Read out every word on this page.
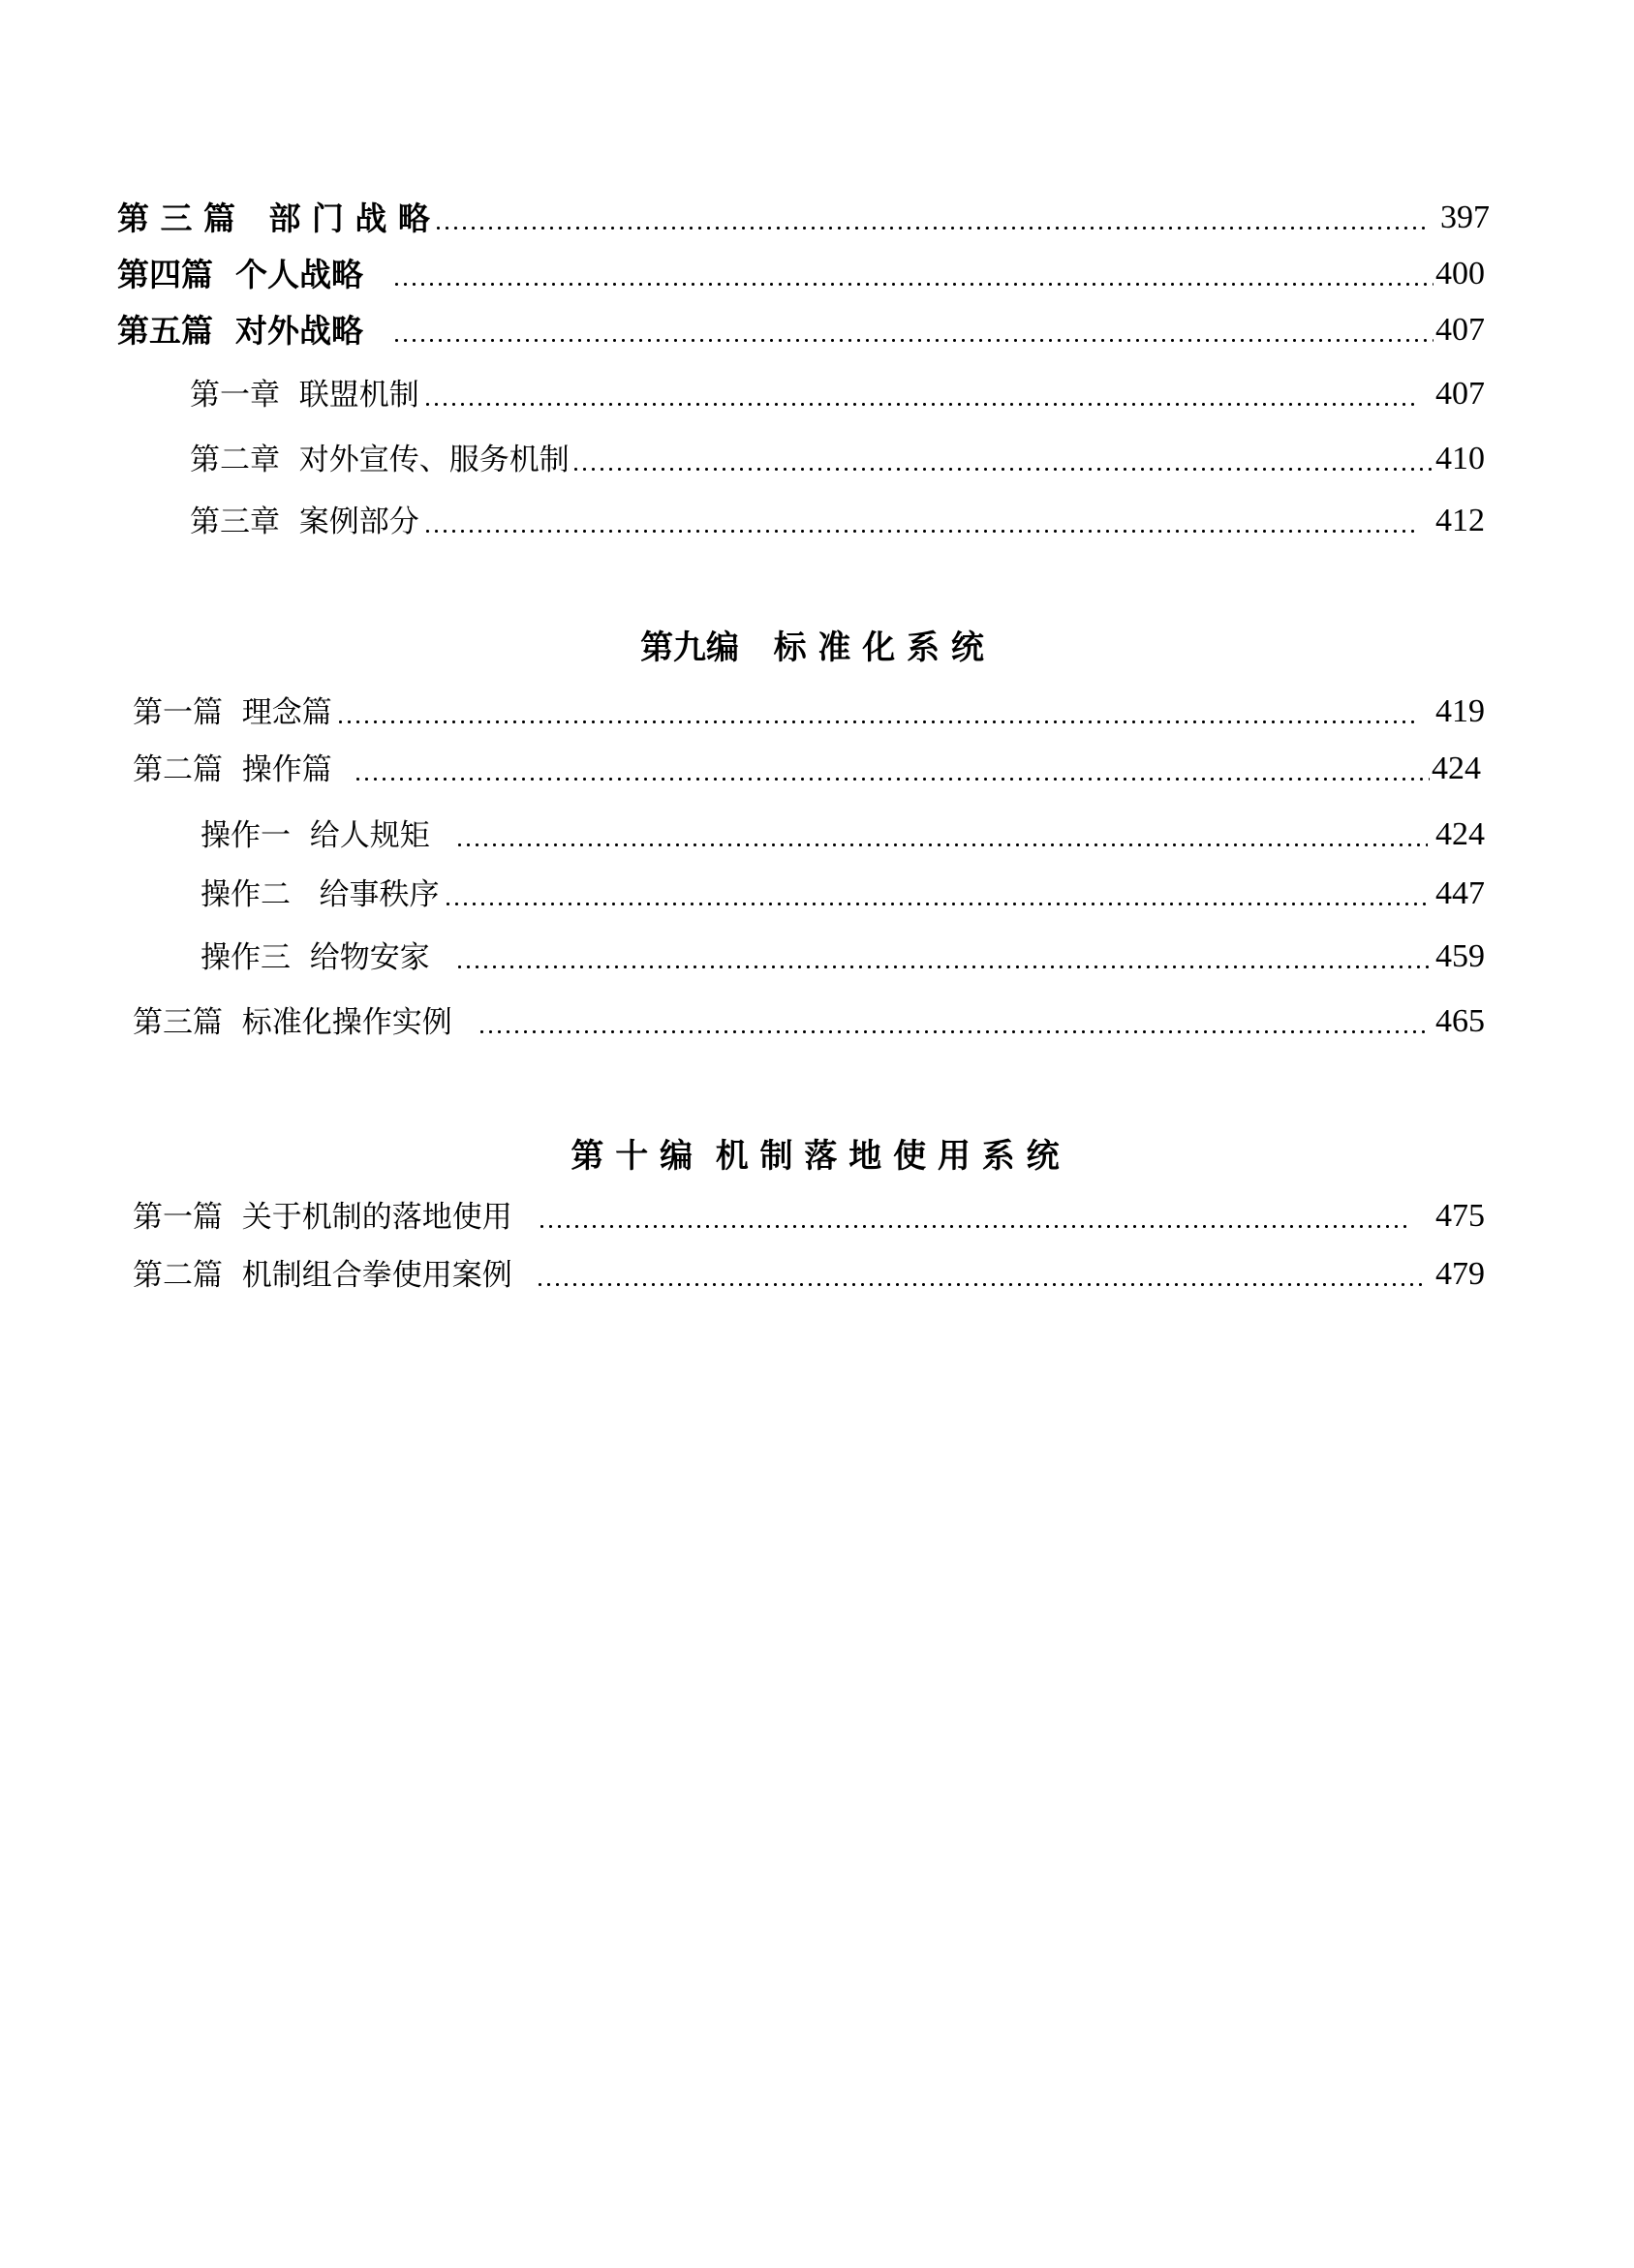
第 三 篇   部 门 战 略	397
第四篇  个人战略	400
第五篇  对外战略	407
第一章  联盟机制	407
第二章  对外宣传、服务机制	410
第三章  案例部分	412
第九编   标 准 化 系 统
第一篇  理念篇	419
第二篇  操作篇	424
操作一  给人规矩	424
操作二   给事秩序	447
操作三  给物安家	459
第三篇  标准化操作实例	465
第 十 编  机 制 落 地 使 用 系 统
第一篇  关于机制的落地使用	475
第二篇  机制组合拳使用案例	479
